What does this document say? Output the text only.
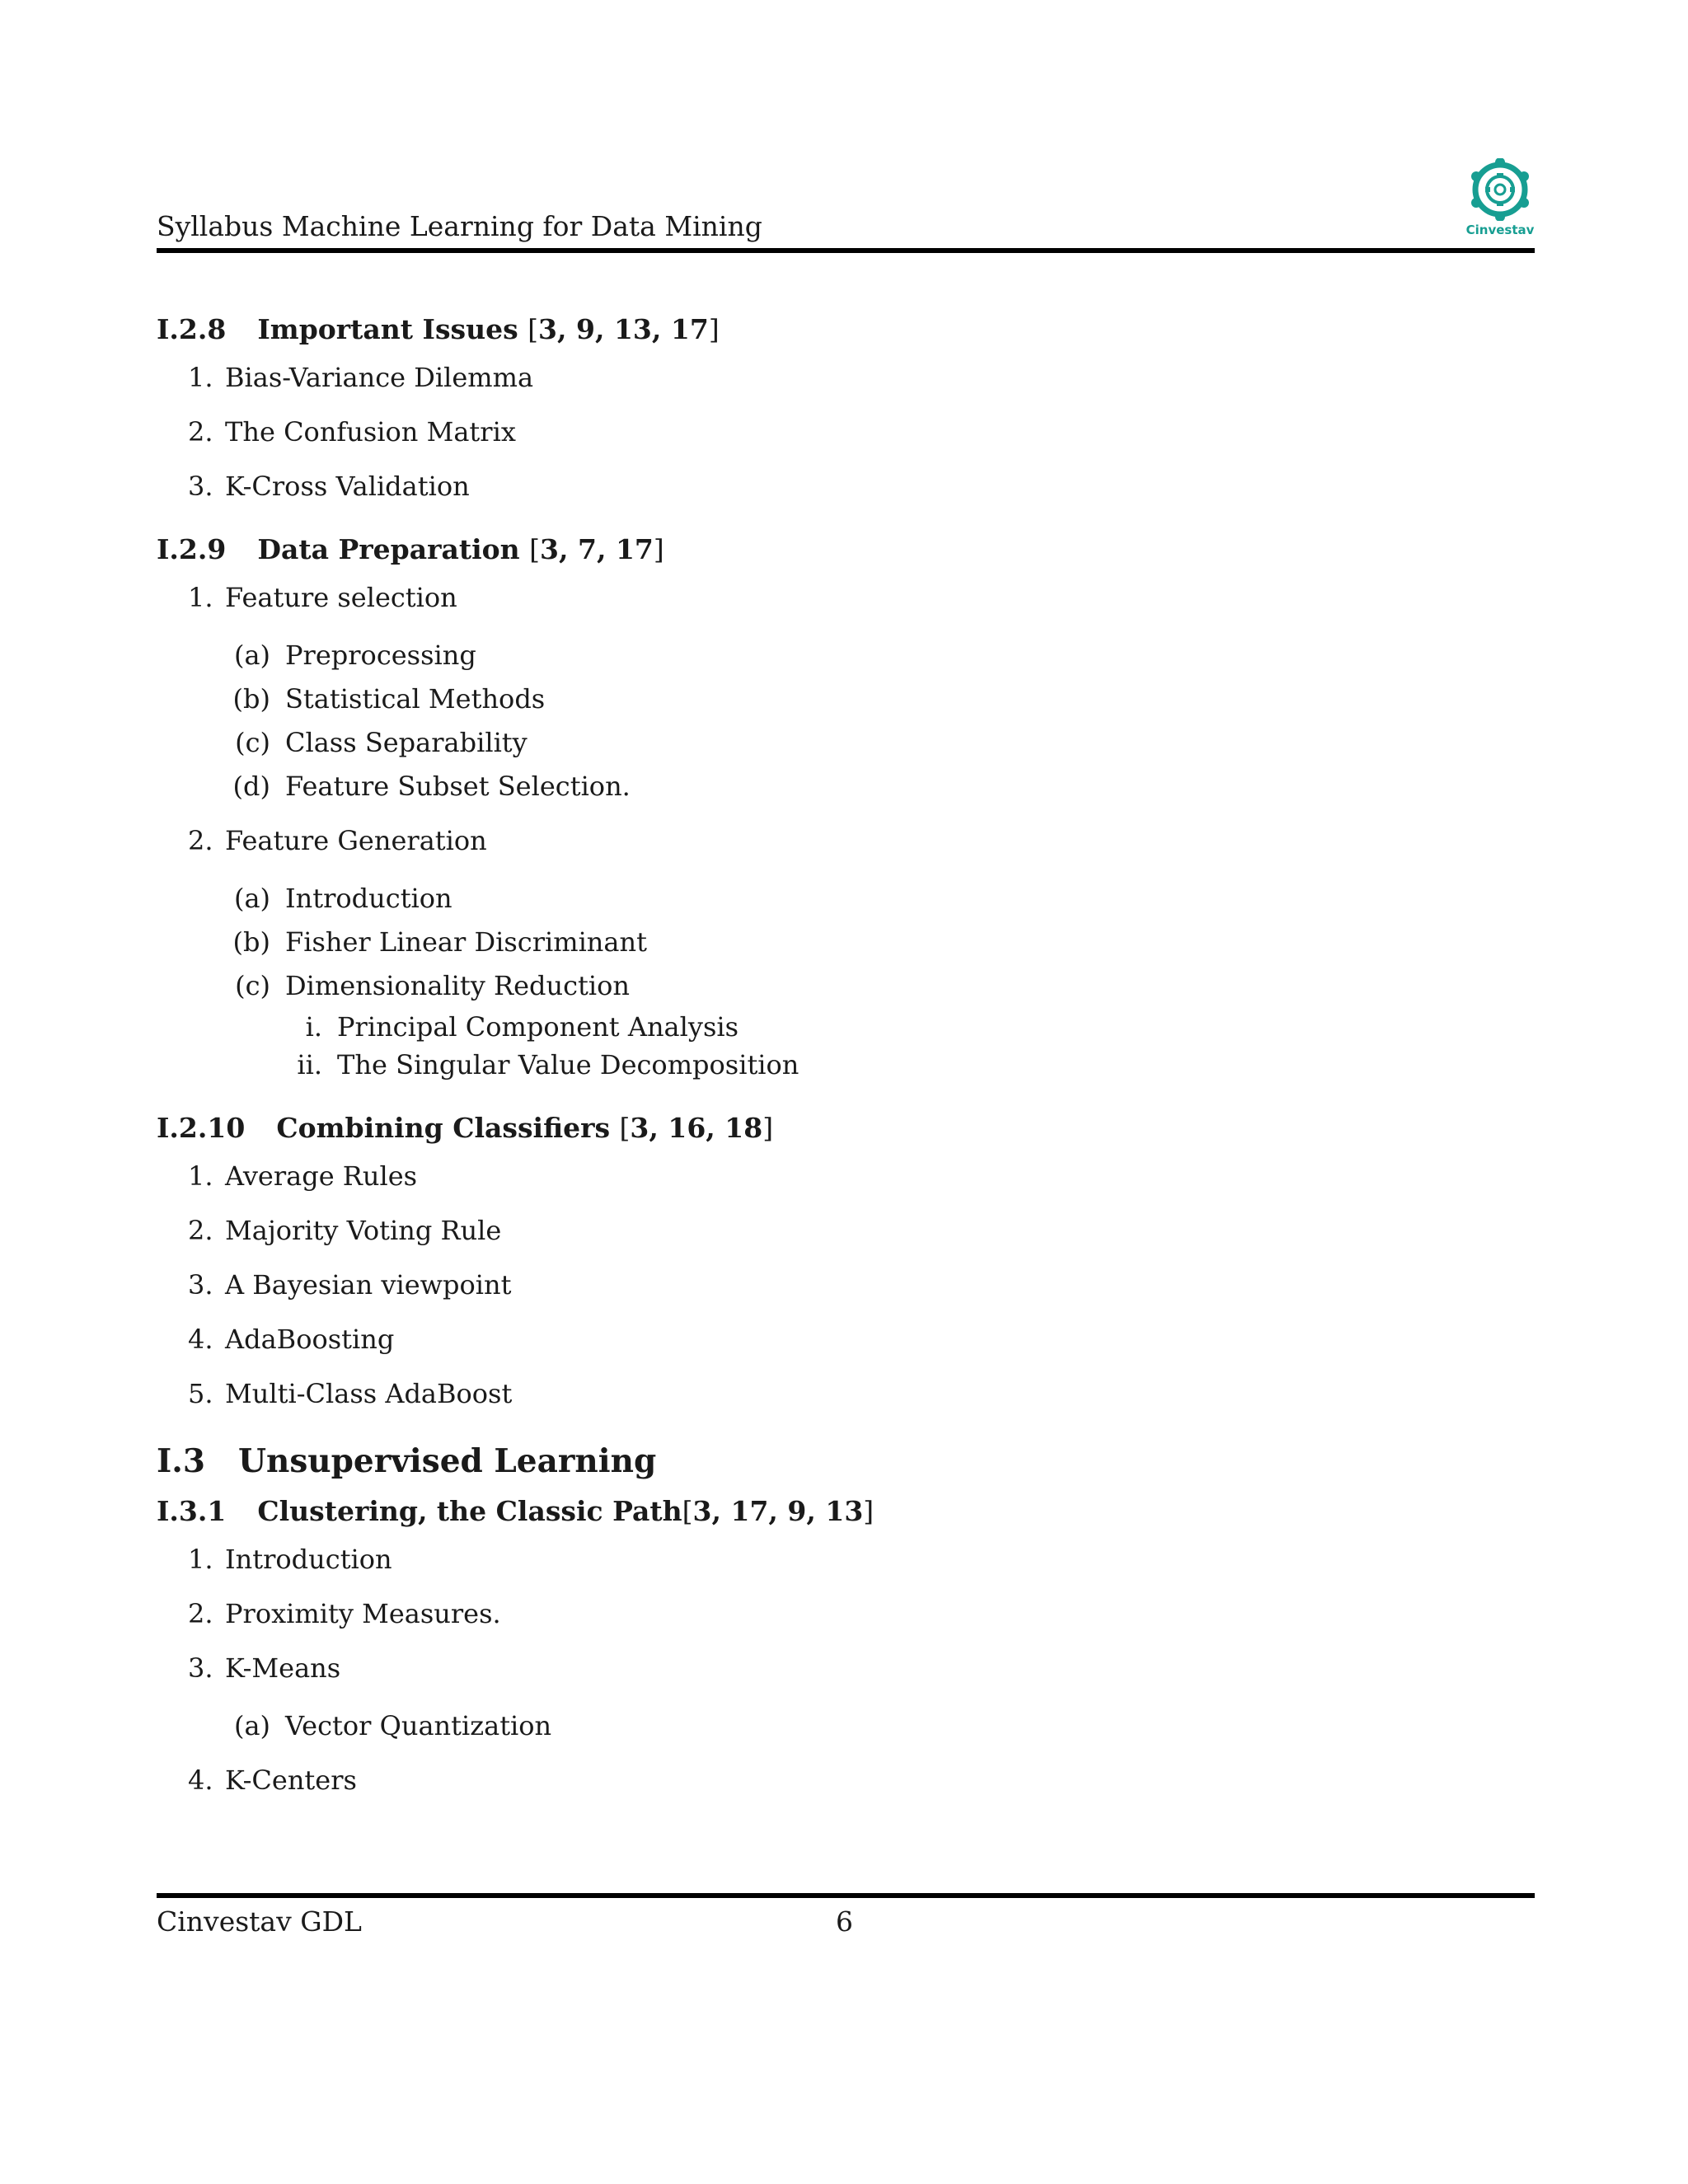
Syllabus Machine Learning for Data Mining	Cinvestav
I.2.8 Important Issues [3, 9, 13, 17]
1. Bias-Variance Dilemma
2. The Confusion Matrix
3. K-Cross Validation
I.2.9 Data Preparation [3, 7, 17]
1. Feature selection
(a) Preprocessing
(b) Statistical Methods
(c) Class Separability
(d) Feature Subset Selection.
2. Feature Generation
(a) Introduction
(b) Fisher Linear Discriminant
(c) Dimensionality Reduction
i. Principal Component Analysis
ii. The Singular Value Decomposition
I.2.10 Combining Classifiers [3, 16, 18]
1. Average Rules
2. Majority Voting Rule
3. A Bayesian viewpoint
4. AdaBoosting
5. Multi-Class AdaBoost
I.3 Unsupervised Learning
I.3.1 Clustering, the Classic Path[3, 17, 9, 13]
1. Introduction
2. Proximity Measures.
3. K-Means
(a) Vector Quantization
4. K-Centers
Cinvestav GDL	6
